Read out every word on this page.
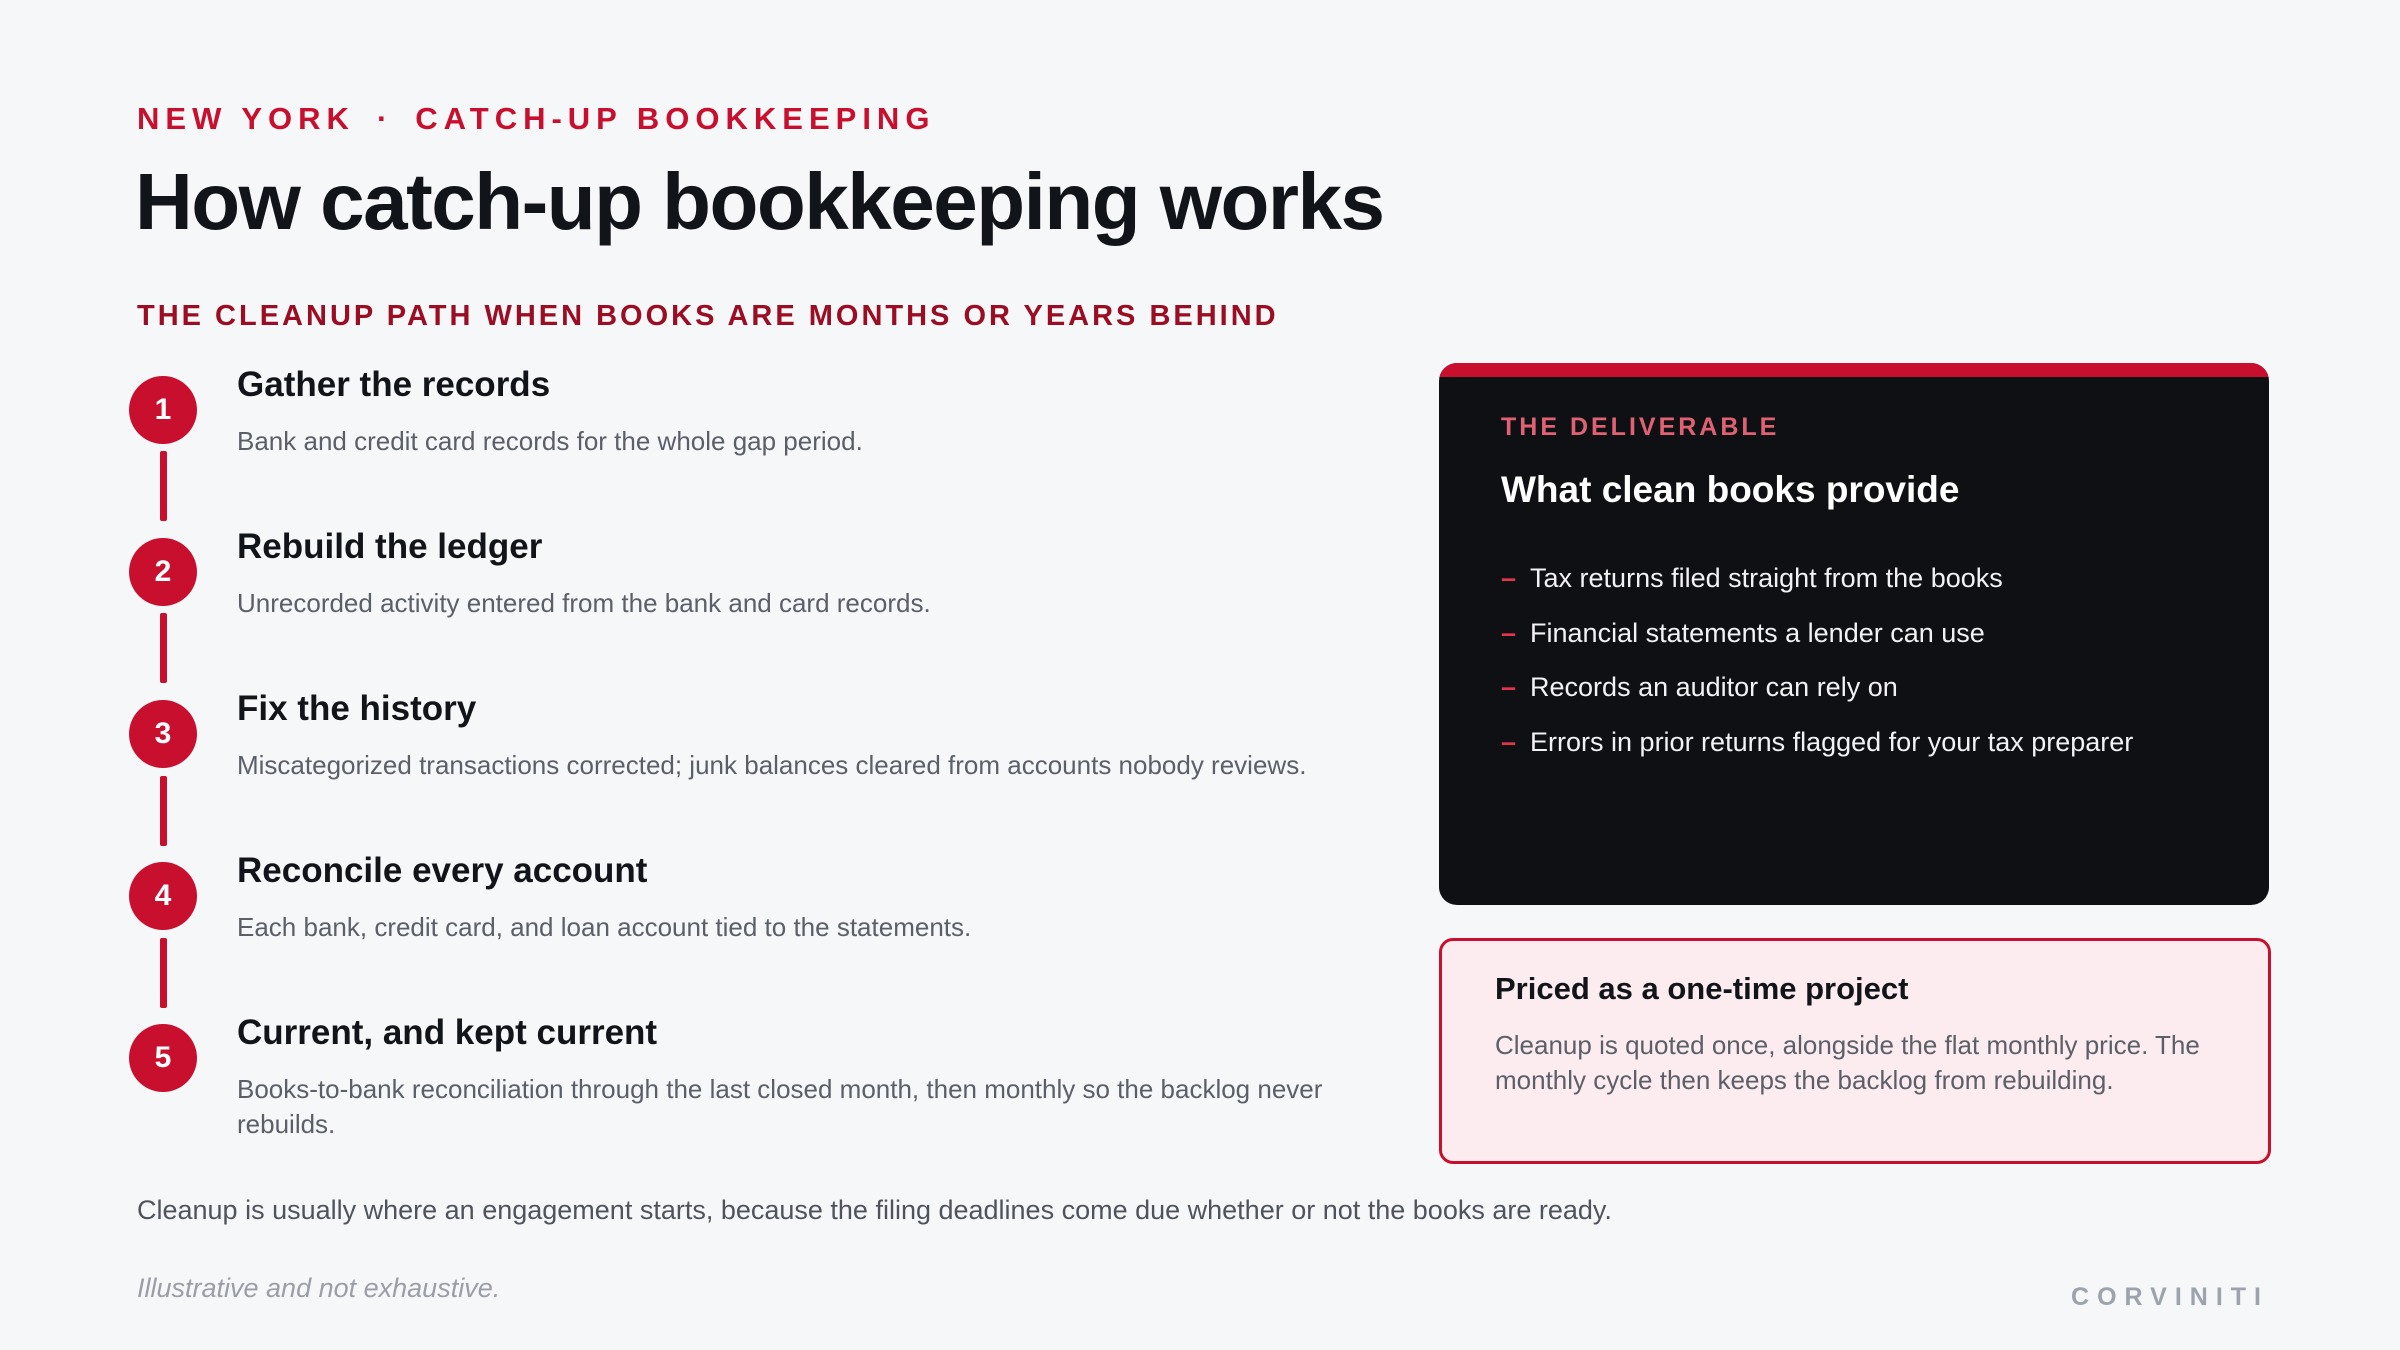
NEW YORK · CATCH-UP BOOKKEEPING
How catch-up bookkeeping works
THE CLEANUP PATH WHEN BOOKS ARE MONTHS OR YEARS BEHIND
1
Gather the records
Bank and credit card records for the whole gap period.
2
Rebuild the ledger
Unrecorded activity entered from the bank and card records.
3
Fix the history
Miscategorized transactions corrected; junk balances cleared from accounts nobody reviews.
4
Reconcile every account
Each bank, credit card, and loan account tied to the statements.
5
Current, and kept current
Books-to-bank reconciliation through the last closed month, then monthly so the backlog never rebuilds.
THE DELIVERABLE
What clean books provide
– Tax returns filed straight from the books
– Financial statements a lender can use
– Records an auditor can rely on
– Errors in prior returns flagged for your tax preparer
Priced as a one-time project
Cleanup is quoted once, alongside the flat monthly price. The monthly cycle then keeps the backlog from rebuilding.
Cleanup is usually where an engagement starts, because the filing deadlines come due whether or not the books are ready.
Illustrative and not exhaustive.	CORVINITI
